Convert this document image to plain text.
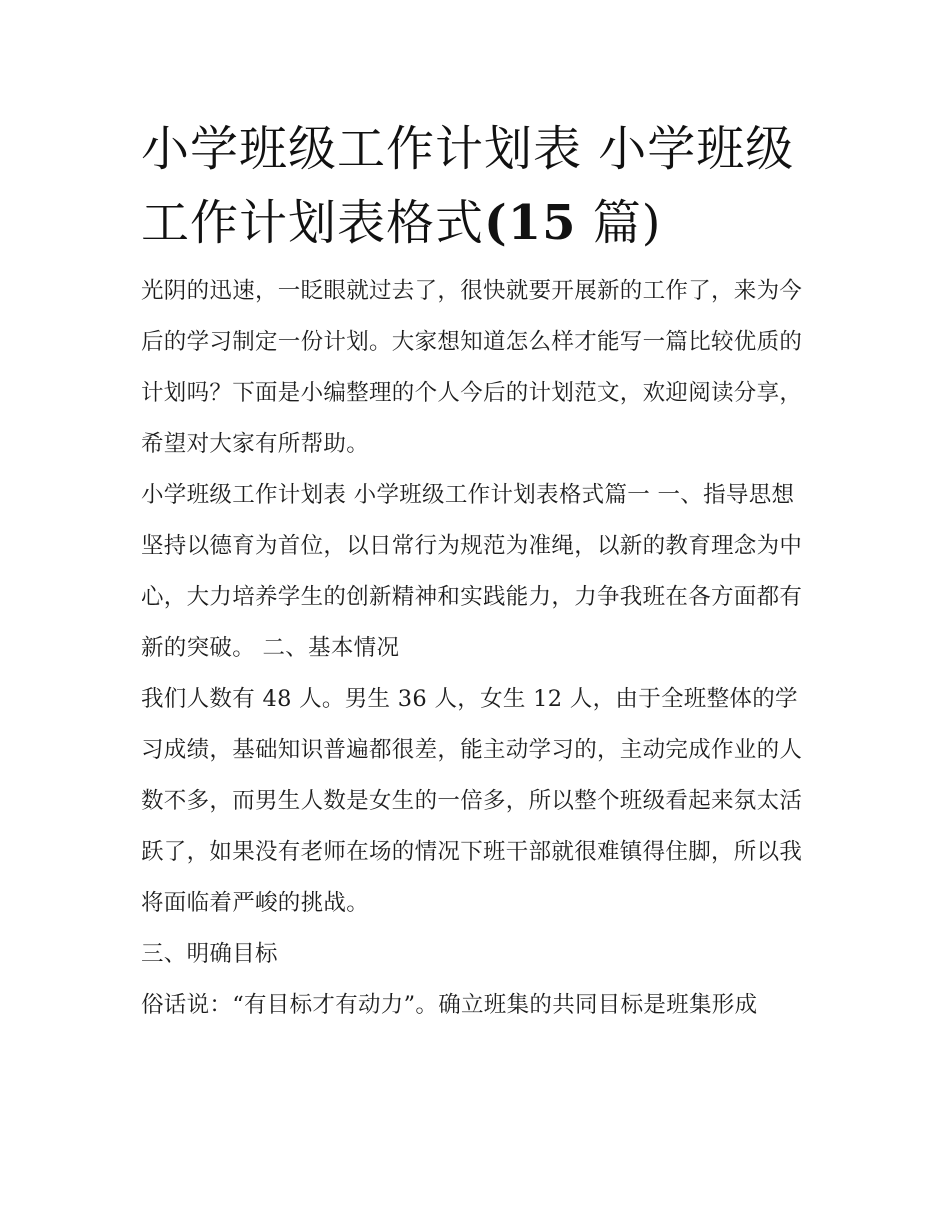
小学班级工作计划表 小学班级
工作计划表格式(15 篇)

光阴的迅速，一眨眼就过去了，很快就要开展新的工作了，来为今后的学习制定一份计划。大家想知道怎么样才能写一篇比较优质的计划吗？下面是小编整理的个人今后的计划范文，欢迎阅读分享，希望对大家有所帮助。

小学班级工作计划表 小学班级工作计划表格式篇一 一、指导思想

坚持以德育为首位，以日常行为规范为准绳，以新的教育理念为中心，大力培养学生的创新精神和实践能力，力争我班在各方面都有新的突破。 二、基本情况

我们人数有 48 人。男生 36 人，女生 12 人，由于全班整体的学习成绩，基础知识普遍都很差，能主动学习的，主动完成作业的人数不多，而男生人数是女生的一倍多，所以整个班级看起来氛太活跃了，如果没有老师在场的情况下班干部就很难镇得住脚，所以我将面临着严峻的挑战。

三、明确目标

俗话说：“有目标才有动力”。确立班集的共同目标是班集形成
